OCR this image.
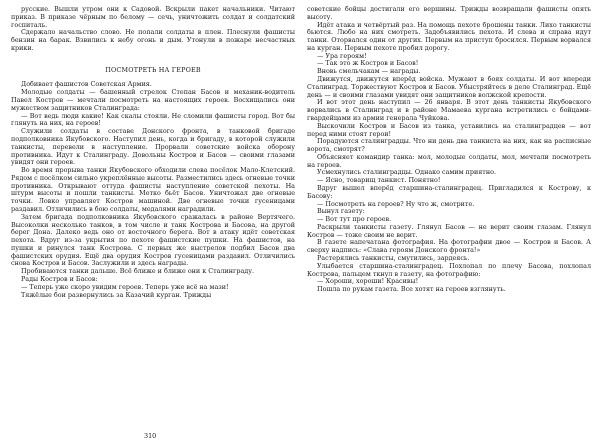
русские. Вышли утром они к Садовой. Вскрыли пакет начальники. Читают приказ. В приказе чёрным по белому — сечь, уничтожить солдат и солдатский госпиталь.

Сдержало начальство слово. Не попали солдаты в плен. Плеснули фашисты бензин на барак. Взвились к небу огонь и дым. Утонули в пожаре несчастных крики.

ПОСМОТРЕТЬ НА ГЕРОЕВ

Добивает фашистов Советская Армия.

Молодые солдаты — башенный стрелок Степан Басов и механик-водитель Павел Костров — мечтали посмотреть на настоящих героев. Восхищались они мужеством защитников Сталинграда:

— Вот ведь люди какие! Как скалы стояли. Не сломили фашисты город. Вот бы глянуть на них, на героев!

Служили солдаты в составе Донского фронта, в танковой бригаде подполковника Якубовского. Наступил день, когда и бригаду, в которой служили танкисты, перевели в наступление. Прорвали советские войска оборону противника. Идут к Сталинграду. Довольны Костров и Басов — своими глазами увидят они героев.

Во время прорыва танки Якубовского обходили слева посёлок Мало-Клетский. Рядом с посёлком сильно укреплённые высоты. Разместились здесь огневые точки противника. Открывают оттуда фашисты наступление советской пехоты. На штурм высоты и пошли танкисты. Метко бьёт Басов. Уничтожал две огневые точки. Ловко управляет Костров машиной. Две огневые точки гусеницами раздавил. Отличились в бою солдаты, медалями наградили.

Затем бригада подполковника Якубовского сражалась в районе Вертячего. Высоколки несколько танков, в том числе и танк Кострова и Басова, на другой берег Дона. Далеко ведь оно от восточного берега. Вот в атаку идёт советская пехота. Вдруг из-за укрытия по пехоте фашистские пушки. На фашистов, на пушки и ринулся танк Кострова. С первых же выстрелов подбил Басов два фашистских орудия. Ещё два орудия Костров гусеницами раздавил. Отличились снова Костров и Басов. Заслужили и здесь награды.

Пробиваются танки дальше. Всё ближе и ближе они к Сталинграду.

Рады Костров и Басов:

— Теперь уже скоро увидим героев. Теперь уже всё на мази!

Тяжёлые бои развернулись за Казачий курган. Трижды

советские бойцы достигали его вершины. Трижды возвращали фашисты опять высоту.

Идёт атака и четвёртый раз. На помощь пехоте брошены танки. Лихо танкисты бьются. Любо на них смотреть. Задобъявились пехота. И слева и справа идут танки. Оторвался один от других. Первым на приступ бросился. Первым ворвался на курган. Первым пехоте пробил дорогу.

— Ура героям!

— Так это ж Костров и Басов!

Вновь смельчакам — награды.

Движутся, движутся вперёд войска. Мужают в боях солдаты. И вот впереди Сталинград. Торжествуют Костров и Басов. Убыстряйтесь в деле Сталинград. Ещё день — и своими глазами увидят они защитников волжской крепости.

И вот этот день наступил — 26 января. В этот день танкисты Якубовского ворвались в Сталинград и в районе Мамаева кургана встретились с бойцами-гвардейцами из армии генерала Чуйкова.

Выскочили Костров и Басов из танка, уставились на сталинградцев — вот перед ними стоят герои!

Порадуются сталинградцы. Что ни день два танкиста на них, как на расписные ворота, смотрят?

Объясняет командир танка: мол, молодые солдаты, мол, мечтали посмотреть на героев.

Усмехнулись сталинградцы. Однако самим приятно.

— Ясно, товарищ танкист. Понятно!

Вдруг вышел вперёд старшина-сталинградец. Пригладился к Кострову, к Басову:

— Посмотреть на героев? Ну что ж, смотрите.

Вынул газету:

— Вот тут про героев.

Раскрыли танкисты газету. Глянул Басов — не верит своим глазам. Глянул Костров — тоже своим не верит.

В газете напечатана фотография. На фотографии двое — Костров и Басов. А сверху надпись: «Слава героям Донского фронта!»

Растерялись танкисты, смутились, зардеясь.

Улыбается старшина-сталинградец. Похлопал по плечу Басова, похлопал Кострова, пальцем ткнул в газету, на фотографию:

— Хороши, хороши! Красивы!

Пошла по рукам газета. Все хотят на героев взглянуть.

310
